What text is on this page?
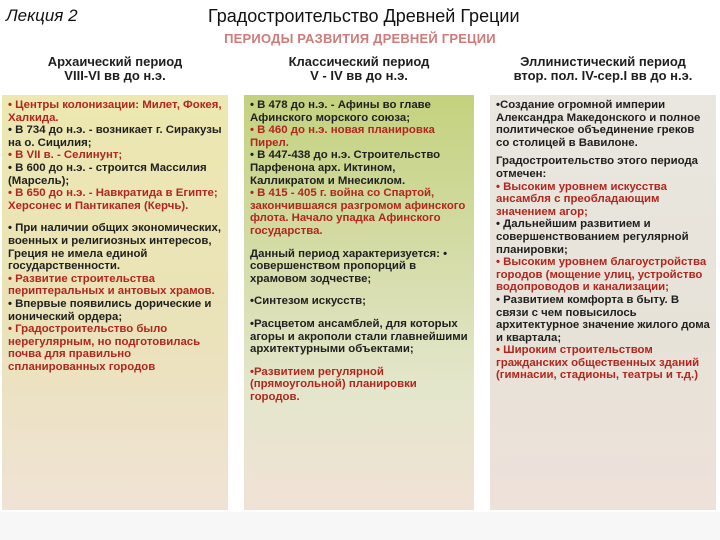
Лекция 2	Градостроительство Древней Греции
ПЕРИОДЫ РАЗВИТИЯ ДРЕВНЕЙ ГРЕЦИИ
Архаический период
VIII-VI вв до н.э.
Классический период
V - IV вв до н.э.
Эллинистический период
втор. пол. IV-сер.I вв до н.э.

• Центры колонизации: Милет, Фокея, Халкида.

• В 734 до н.э. - возникает г. Сиракузы на о. Сицилия;

• В VII в. - Селинунт;

• В 600 до н.э. - строится Массилия (Марсель);

• В 650 до н.э. - Навкратида в Египте; Херсонес и Пантикапея (Керчь).

• При наличии общих экономических, военных и религиозных интересов, Греция не имела единой государственности.

• Развитие строительства периптеральных и антовых храмов.

• Впервые появились дорические и ионический ордера;

• Градостроительство было нерегулярным, но подготовилась почва для правильно спланированных городов

• В 478 до н.э. - Афины во главе Афинского морского союза;

• В 460 до н.э. новая планировка Пирел.

• В 447-438 до н.э. Строительство Парфенона арх. Иктином, Калликратом и Мнесиклом.

• В 415 - 405 г. войнa со Спартой, закончившаяся разгромом афинского флота. Начало упадка Афинского государства.

Данный период характеризуется: • совершенством пропорций в храмовом зодчестве;

•Синтезом искусств;

•Расцветом ансамблей, для которых агоры и акрополи стали главнейшими архитектурными объектами;

•Развитием регулярной (прямоугольной) планировки городов.

•Создание огромной империи Александра Македонского и полное политическое объединение греков со столицей в Вавилоне.

Градостроительство этого периода отмечен:

• Высоким уровнем искусства ансамбля с преобладающим значением агор;

• Дальнейшим развитием и совершенствованием регулярной планировки;

• Высоким уровнем благоустройства городов (мощение улиц, устройство водопроводов и канализации;

• Развитием комфорта в быту. В связи с чем повысилось архитектурное значение жилого дома и квартала;

• Широким строительством гражданских общественных зданий (гимнасии, стадионы, театры и т.д.)
